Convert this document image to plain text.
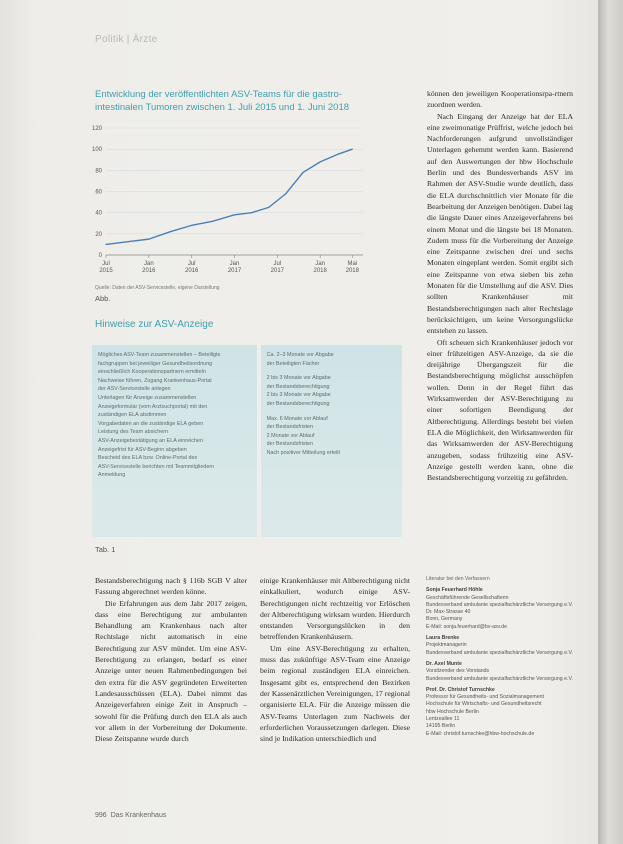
Politik | Ärzte
Entwicklung der veröffentlichten ASV-Teams für die gastro- intestinalen Tumoren zwischen 1. Juli 2015 und 1. Juni 2018
0
20
40
60
80
100
120
Jul
2015
Jan
2016
Jul
2016
Jan
2017
Jul
2017
Jan
2018
Mai
2018
Quelle: Daten der ASV-Servicestelle, eigene Darstellung
Abb.
Hinweise zur ASV-Anzeige
Mögliches ASV-Team zusammenstellen – Beteiligte
fachgruppen bei jeweiliger Gesundheitsordnung
einschließlich Kooperationspartnern ermitteln
Nachweise führen, Zugang Krankenhaus-Portal
der ASV-Servicestelle anlegen
Unterlagen für Anzeige zusammenstellen
Anzeigeformular (vom Arztsuchportal) mit den
zuständigen ELA abstimmen
Vorgabedaten an die zuständige ELA geben
Leistung des Team absichern
ASV-Anzeigebestätigung an ELA einreichen
Anzeigefrist für ASV-Beginn abgeben
Bescheid des ELA bzw. Online-Portal des
ASV-Servicestelle berichten mit Teammitgliedern
Anmeldung
Ca. 2–3 Monate vor Abgabe
der Beteiligten Fächer
2 bis 3 Monate vor Abgabe
der Bestandsberechtigung
2 bis 3 Monate vor Abgabe
der Bestandsberechtigung
Max. 6 Monate vor Ablauf
der Bestandsfristen
2 Monate vor Ablauf
der Bestandsfristen
Nach positiver Mitteilung erteilt
Tab. 1

können den jeweiligen Kooperationsrpa-rtnern zuordnen werden.

Nach Eingang der Anzeige hat der ELA eine zweimonatige Prüffrist, welche jedoch bei Nachforderungen aufgrund unvollständiger Unterlagen gehemmt werden kann. Basierend auf den Auswertungen der hbw Hochschule Berlin und des Bundesverbands ASV im Rahmen der ASV-Studie wurde deutlich, dass die ELA durchschnittlich vier Monate für die Bearbeitung der Anzeigen benötigen. Dabei lag die längste Dauer eines Anzeigeverfahrens bei einem Monat und die längste bei 18 Monaten. Zudem muss für die Vorbereitung der Anzeige eine Zeitspanne zwischen drei und sechs Monaten eingeplant werden. Somit ergibt sich eine Zeitspanne von etwa sieben bis zehn Monaten für die Umstellung auf die ASV. Dies sollten Krankenhäuser mit Bestandsberechtigungen nach alter Rechtslage berücksichtigen, um keine Versorgungslücke entstehen zu lassen.

Oft scheuen sich Krankenhäuser jedoch vor einer frühzeitigen ASV-Anzeige, da sie die dreijährige Übergangszeit für die Bestandsberechtigung möglichst ausschöpfen wollen. Denn in der Regel führt das Wirksamwerden der ASV-Berechtigung zu einer sofortigen Beendigung der Altberechtigung. Allerdings besteht bei vielen ELA die Möglichkeit, den Wirksamwerden für das Wirksamwerden der ASV-Berechtigung anzugeben, sodass frühzeitig eine ASV-Anzeige gestellt werden kann, ohne die Bestandsberechtigung vorzeitig zu gefährden.

Bestandsberechtigung nach § 116b SGB V alter Fassung abgerechnet werden könne.

Die Erfahrungen aus dem Jahr 2017 zeigen, dass eine Berechtigung zur ambulanten Behandlung am Krankenhaus nach alter Rechtslage nicht automatisch in eine Berechtigung zur ASV mündet. Um eine ASV-Berechtigung zu erlangen, bedarf es einer Anzeige unter neuen Rahmenbedingungen bei den extra für die ASV gegründeten Erweiterten Landesausschüssen (ELA). Dabei nimmt das Anzeigeverfahren einige Zeit in Anspruch – sowohl für die Prüfung durch den ELA als auch vor allem in der Vorbereitung der Dokumente. Diese Zeitspanne wurde durch

einige Krankenhäuser mit Altberechtigung nicht einkalkuliert, wodurch einige ASV-Berechtigungen nicht rechtzeitig vor Erlöschen der Altberechtigung wirksam wurden. Hierdurch entstanden Versorgungslücken in den betreffenden Krankenhäusern.

Um eine ASV-Berechtigung zu erhalten, muss das zukünftige ASV-Team eine Anzeige beim regional zuständigen ELA einreichen. Insgesamt gibt es, entsprechend den Bezirken der Kassenärztlichen Vereinigungen, 17 regional organisierte ELA. Für die Anzeige müssen die ASV-Teams Unterlagen zum Nachweis der erforderlichen Voraussetzungen darlegen. Diese sind je Indikation unterschiedlich und

Literatur bei den Verfassern
Sonja Feuerhard Höhle
Geschäftsführende Gesellschafterin
Bundesverband ambulante spezialfachärztliche Versorgung e.V.
Dr. Max-Strasse 40
Bonn, Germany
E-Mail: sonja.feuerhard@bv-asv.de
Laura Brenke
Projektmanagerin
Bundesverband ambulante spezialfachärztliche Versorgung e.V.
Dr. Axel Munte
Vorsitzender des Vorstands
Bundesverband ambulante spezialfachärztliche Versorgung e.V.
Prof. Dr. Christof Turnschke
Professor für Gesundheits- und Sozialmanagement
Hochschule für Wirtschafts- und Gesundheitsrecht
hbw Hochschule Berlin
Lentzeallee 11
14195 Berlin
E-Mail: christof.turnschke@hbw-hochschule.de
996 Das Krankenhaus
